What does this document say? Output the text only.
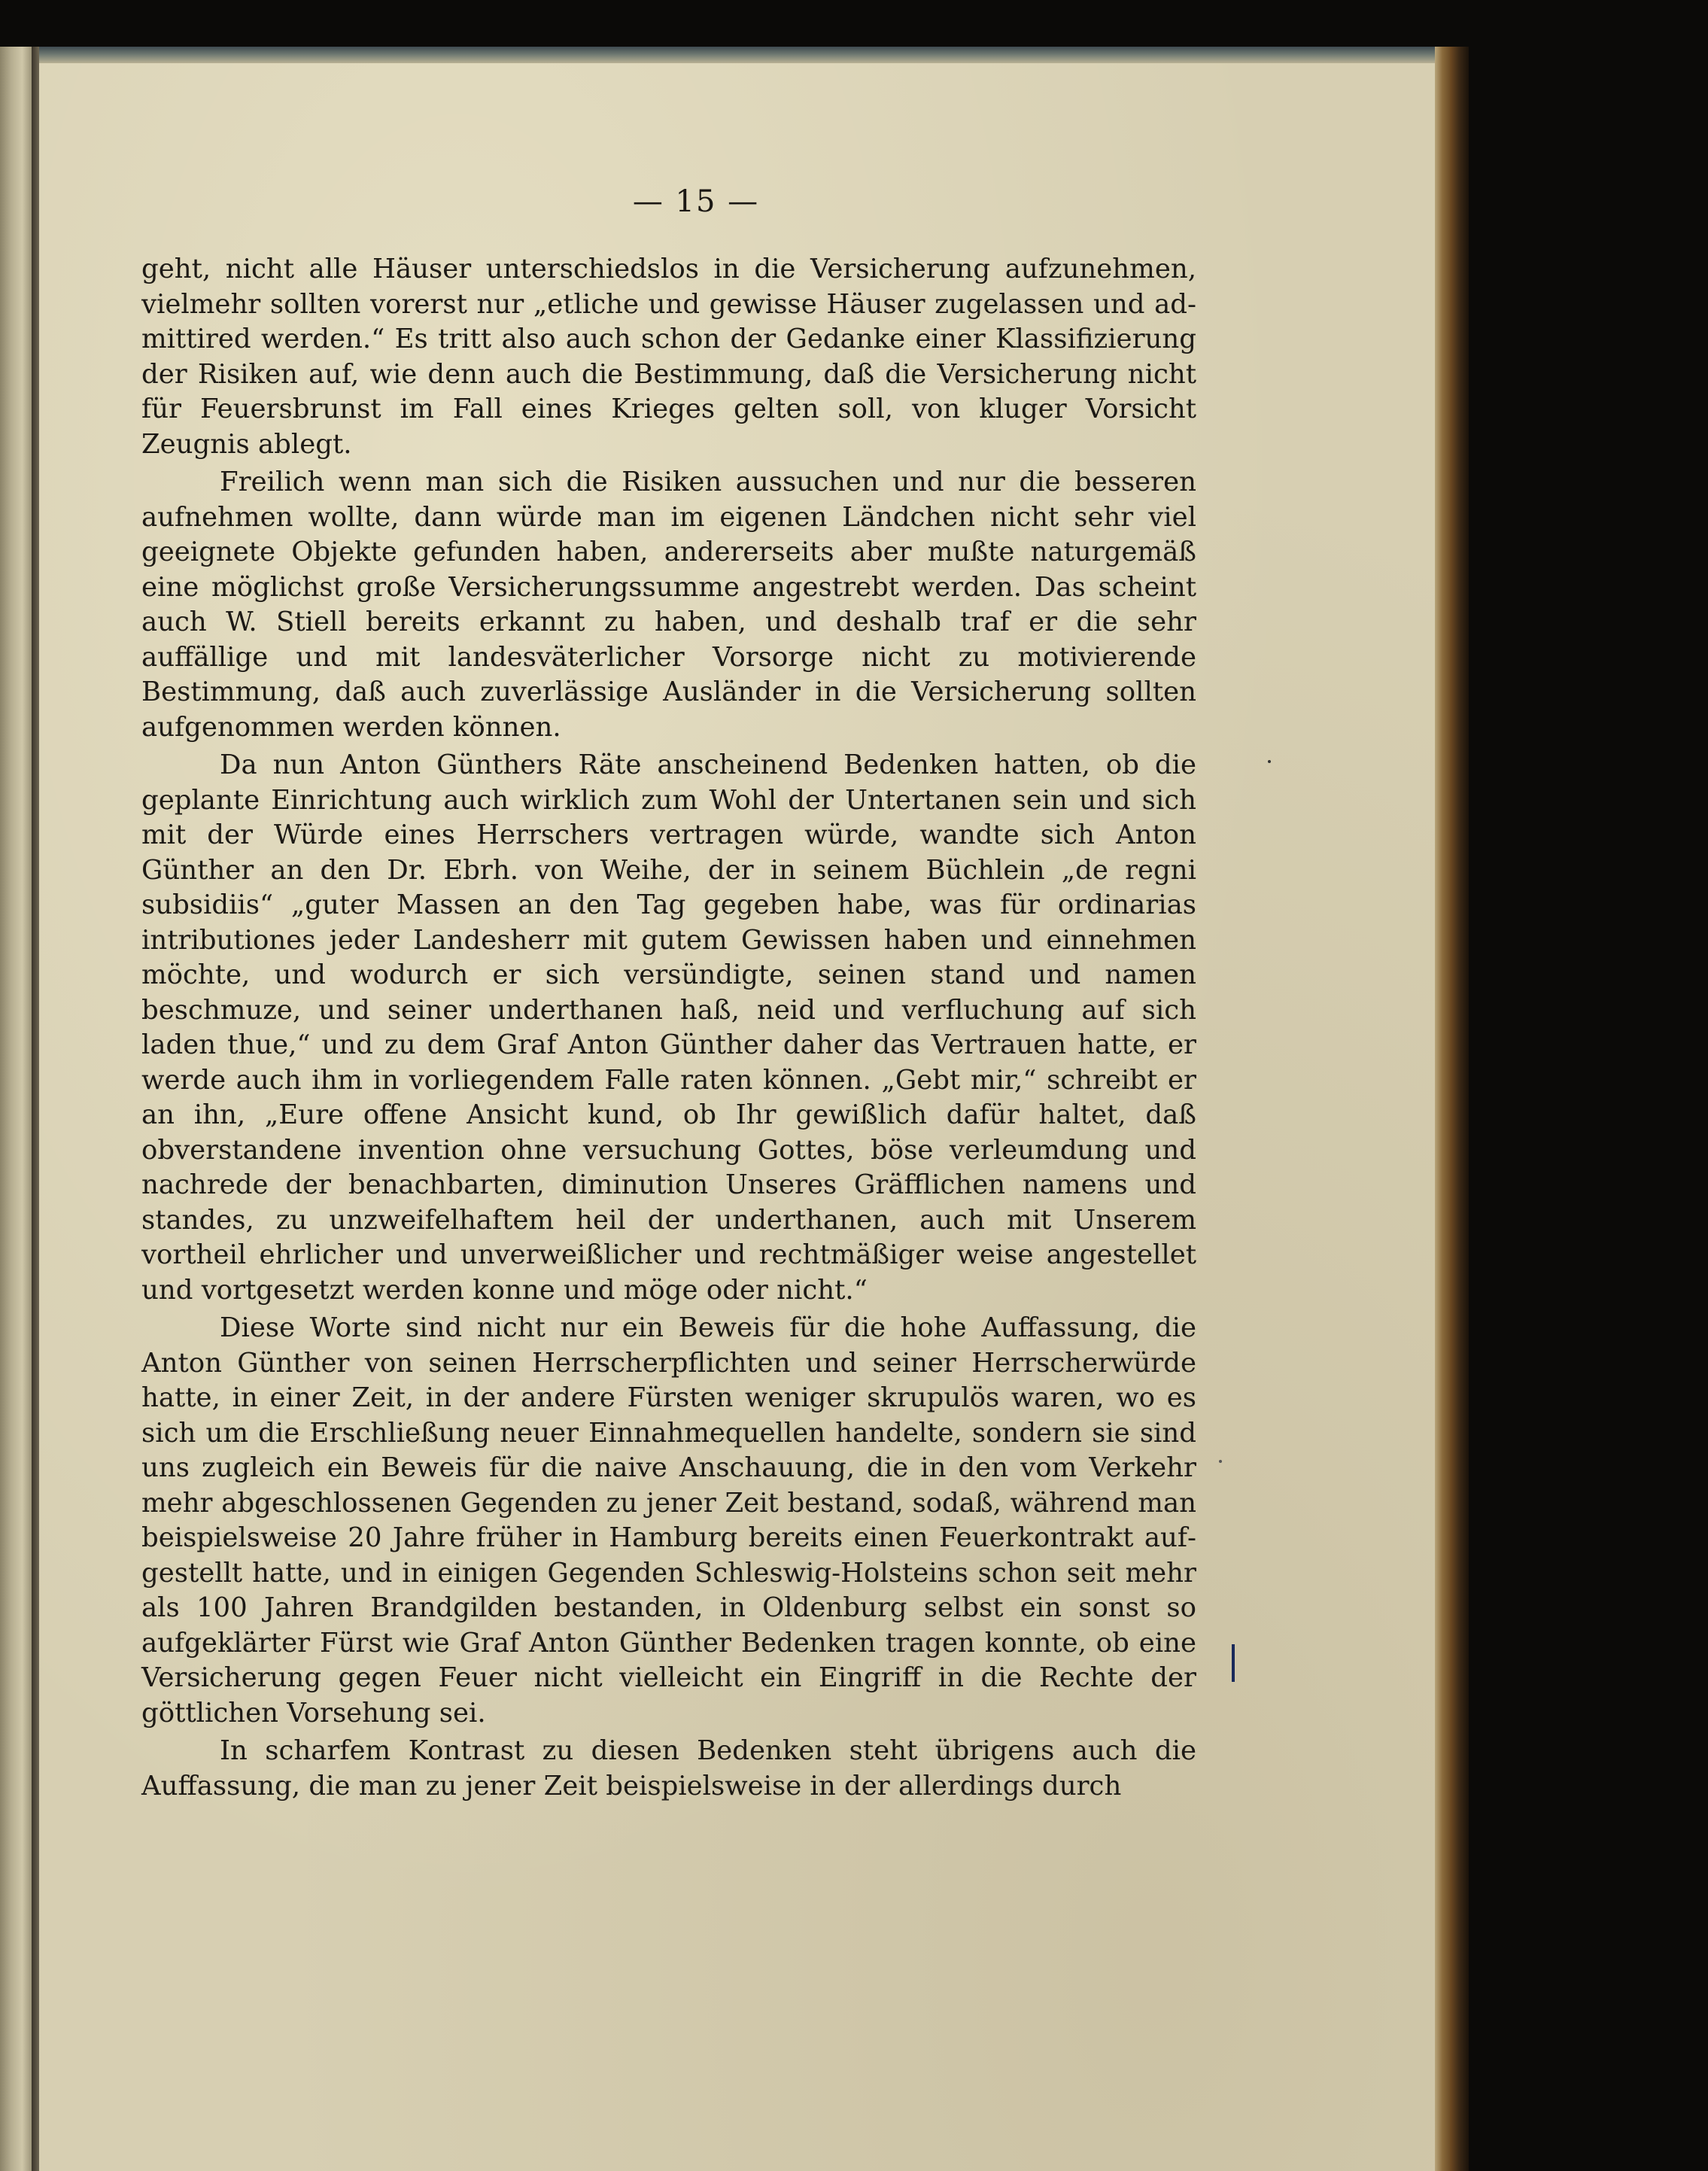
— 15 —

geht, nicht alle Häuser unterschiedslos in die Versicherung aufzunehmen, vielmehr sollten vorerst nur „etliche und gewisse Häuser zugelassen und admittired werden.“ Es tritt also auch schon der Gedanke einer Klassifizierung der Risiken auf, wie denn auch die Bestimmung, daß die Versicherung nicht für Feuersbrunst im Fall eines Krieges gelten soll, von kluger Vorsicht Zeugnis ablegt.

Freilich wenn man sich die Risiken aussuchen und nur die besseren aufnehmen wollte, dann würde man im eigenen Ländchen nicht sehr viel geeignete Objekte gefunden haben, andererseits aber mußte naturgemäß eine möglichst große Versicherungssumme angestrebt werden. Das scheint auch W. Stiell bereits erkannt zu haben, und deshalb traf er die sehr auffällige und mit landesväterlicher Vorsorge nicht zu motivierende Bestimmung, daß auch zuverlässige Ausländer in die Versicherung sollten aufgenommen werden können.

Da nun Anton Günthers Räte anscheinend Bedenken hatten, ob die geplante Einrichtung auch wirklich zum Wohl der Untertanen sein und sich mit der Würde eines Herrschers vertragen würde, wandte sich Anton Günther an den Dr. Ebrh. von Weihe, der in seinem Büchlein „de regni subsidiis“ „guter Massen an den Tag gegeben habe, was für ordinarias intributiones jeder Landesherr mit gutem Gewissen haben und einnehmen möchte, und wodurch er sich versündigte, seinen stand und namen beschmuze, und seiner underthanen haß, neid und verfluchung auf sich laden thue,“ und zu dem Graf Anton Günther daher das Vertrauen hatte, er werde auch ihm in vorliegendem Falle raten können. „Gebt mir,“ schreibt er an ihn, „Eure offene Ansicht kund, ob Ihr gewißlich dafür haltet, daß obverstandene invention ohne versuchung Gottes, böse verleumdung und nachrede der benachbarten, diminution Unseres Gräfflichen namens und standes, zu unzweifelhaftem heil der underthanen, auch mit Unserem vortheil ehrlicher und unverweißlicher und rechtmäßiger weise angestellet und vortgesetzt werden konne und möge oder nicht.“

Diese Worte sind nicht nur ein Beweis für die hohe Auffassung, die Anton Günther von seinen Herrscherpflichten und seiner Herrscherwürde hatte, in einer Zeit, in der andere Fürsten weniger skrupulös waren, wo es sich um die Erschließung neuer Einnahmequellen handelte, sondern sie sind uns zugleich ein Beweis für die naive Anschauung, die in den vom Verkehr mehr abgeschlossenen Gegenden zu jener Zeit bestand, sodaß, während man beispielsweise 20 Jahre früher in Hamburg bereits einen Feuerkontrakt aufgestellt hatte, und in einigen Gegenden Schleswig-Holsteins schon seit mehr als 100 Jahren Brandgilden bestanden, in Oldenburg selbst ein sonst so aufgeklärter Fürst wie Graf Anton Günther Bedenken tragen konnte, ob eine Versicherung gegen Feuer nicht vielleicht ein Eingriff in die Rechte der göttlichen Vorsehung sei.

In scharfem Kontrast zu diesen Bedenken steht übrigens auch die Auffassung, die man zu jener Zeit beispielsweise in der allerdings durch
